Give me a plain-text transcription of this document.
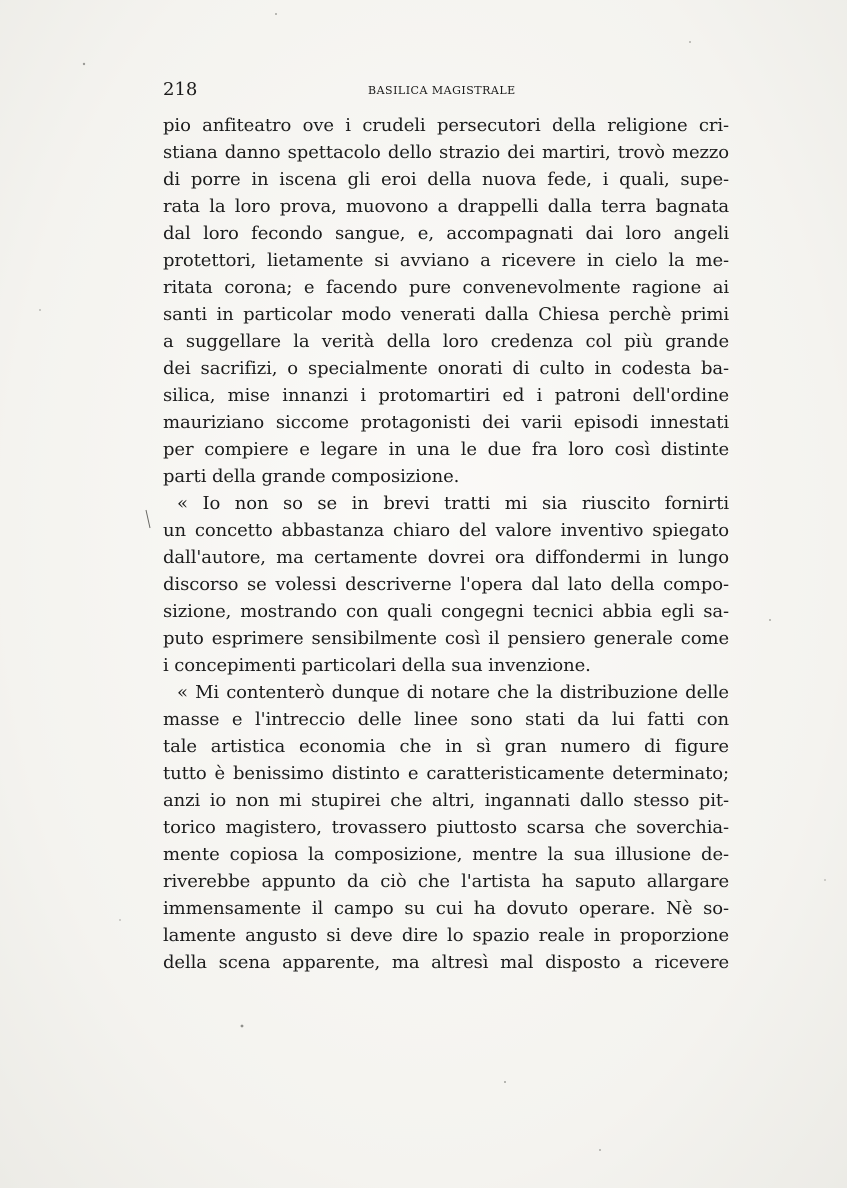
218	BASILICA MAGISTRALE
pio anfiteatro ove i crudeli persecutori della religione cri-
stiana danno spettacolo dello strazio dei martiri, trovò mezzo
di porre in iscena gli eroi della nuova fede, i quali, supe-
rata la loro prova, muovono a drappelli dalla terra bagnata
dal loro fecondo sangue, e, accompagnati dai loro angeli
protettori, lietamente si avviano a ricevere in cielo la me-
ritata corona; e facendo pure convenevolmente ragione ai
santi in particolar modo venerati dalla Chiesa perchè primi
a suggellare la verità della loro credenza col più grande
dei sacrifizi, o specialmente onorati di culto in codesta ba-
silica, mise innanzi i protomartiri ed i patroni dell'ordine
mauriziano siccome protagonisti dei varii episodi innestati
per compiere e legare in una le due fra loro così distinte
parti della grande composizione.
« Io non so se in brevi tratti mi sia riuscito fornirti
un concetto abbastanza chiaro del valore inventivo spiegato
dall'autore, ma certamente dovrei ora diffondermi in lungo
discorso se volessi descriverne l'opera dal lato della compo-
sizione, mostrando con quali congegni tecnici abbia egli sa-
puto esprimere sensibilmente così il pensiero generale come
i concepimenti particolari della sua invenzione.
« Mi contenterò dunque di notare che la distribuzione delle
masse e l'intreccio delle linee sono stati da lui fatti con
tale artistica economia che in sì gran numero di figure
tutto è benissimo distinto e caratteristicamente determinato;
anzi io non mi stupirei che altri, ingannati dallo stesso pit-
torico magistero, trovassero piuttosto scarsa che soverchia-
mente copiosa la composizione, mentre la sua illusione de-
riverebbe appunto da ciò che l'artista ha saputo allargare
immensamente il campo su cui ha dovuto operare. Nè so-
lamente angusto si deve dire lo spazio reale in proporzione
della scena apparente, ma altresì mal disposto a ricevere
